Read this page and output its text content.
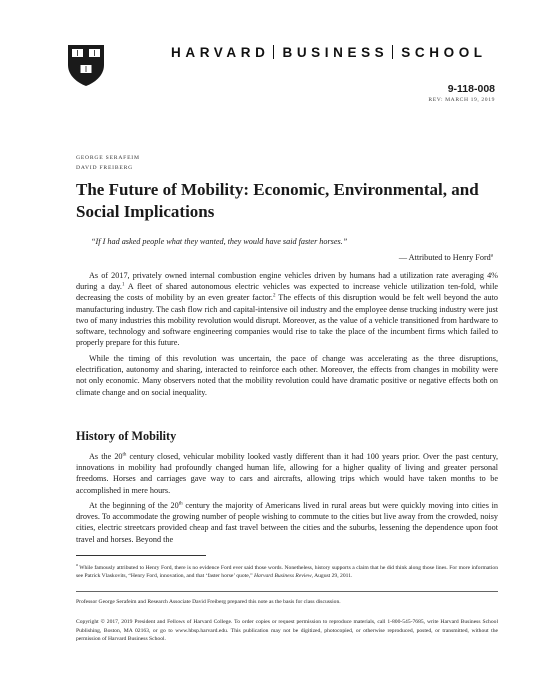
HARVARD BUSINESS SCHOOL
9-118-008
REV: MARCH 19, 2019
GEORGE SERAFEIM
DAVID FREIBERG
The Future of Mobility: Economic, Environmental, and Social Implications
“If I had asked people what they wanted, they would have said faster horses.”
— Attributed to Henry Ford$^a$

As of 2017, privately owned internal combustion engine vehicles driven by humans had a utilization rate averaging 4% during a day.$^1$ A fleet of shared autonomous electric vehicles was expected to increase vehicle utilization ten-fold, while decreasing the costs of mobility by an even greater factor.$^2$ The effects of this disruption would be felt well beyond the auto manufacturing industry. The cash flow rich and capital-intensive oil industry and the employee dense trucking industry were just two of many industries this mobility revolution would disrupt. Moreover, as the value of a vehicle transitioned from hardware to software, technology and software engineering companies would rise to take the place of the incumbent firms which failed to properly prepare for this future.

While the timing of this revolution was uncertain, the pace of change was accelerating as the three disruptions, electrification, autonomy and sharing, interacted to reinforce each other. Moreover, the effects from changes in mobility were not only economic. Many observers noted that the mobility revolution could have dramatic positive or negative effects both on climate change and on social inequality.

History of Mobility

As the 20th century closed, vehicular mobility looked vastly different than it had 100 years prior. Over the past century, innovations in mobility had profoundly changed human life, allowing for a higher quality of living and greater personal freedoms. Horses and carriages gave way to cars and aircrafts, allowing trips which would have taken months to be accomplished in mere hours.

At the beginning of the 20th century the majority of Americans lived in rural areas but were quickly moving into cities in droves. To accommodate the growing number of people wishing to commute to the cities but live away from the crowded, noisy cities, electric streetcars provided cheap and fast travel between the cities and the suburbs, lessening the dependence upon foot travel and horses. Beyond the

$^a$ While famously attributed to Henry Ford, there is no evidence Ford ever said those words. Nonetheless, history supports a claim that he did think along those lines. For more information see Patrick Vlaskovits, “Henry Ford, innovation, and that ‘faster horse’ quote,” Harvard Business Review, August 29, 2011.

Professor George Serafeim and Research Associate David Freiberg prepared this note as the basis for class discussion.

Copyright © 2017, 2019 President and Fellows of Harvard College. To order copies or request permission to reproduce materials, call 1-800-545-7685, write Harvard Business School Publishing, Boston, MA 02163, or go to www.hbsp.harvard.edu. This publication may not be digitized, photocopied, or otherwise reproduced, posted, or transmitted, without the permission of Harvard Business School.
